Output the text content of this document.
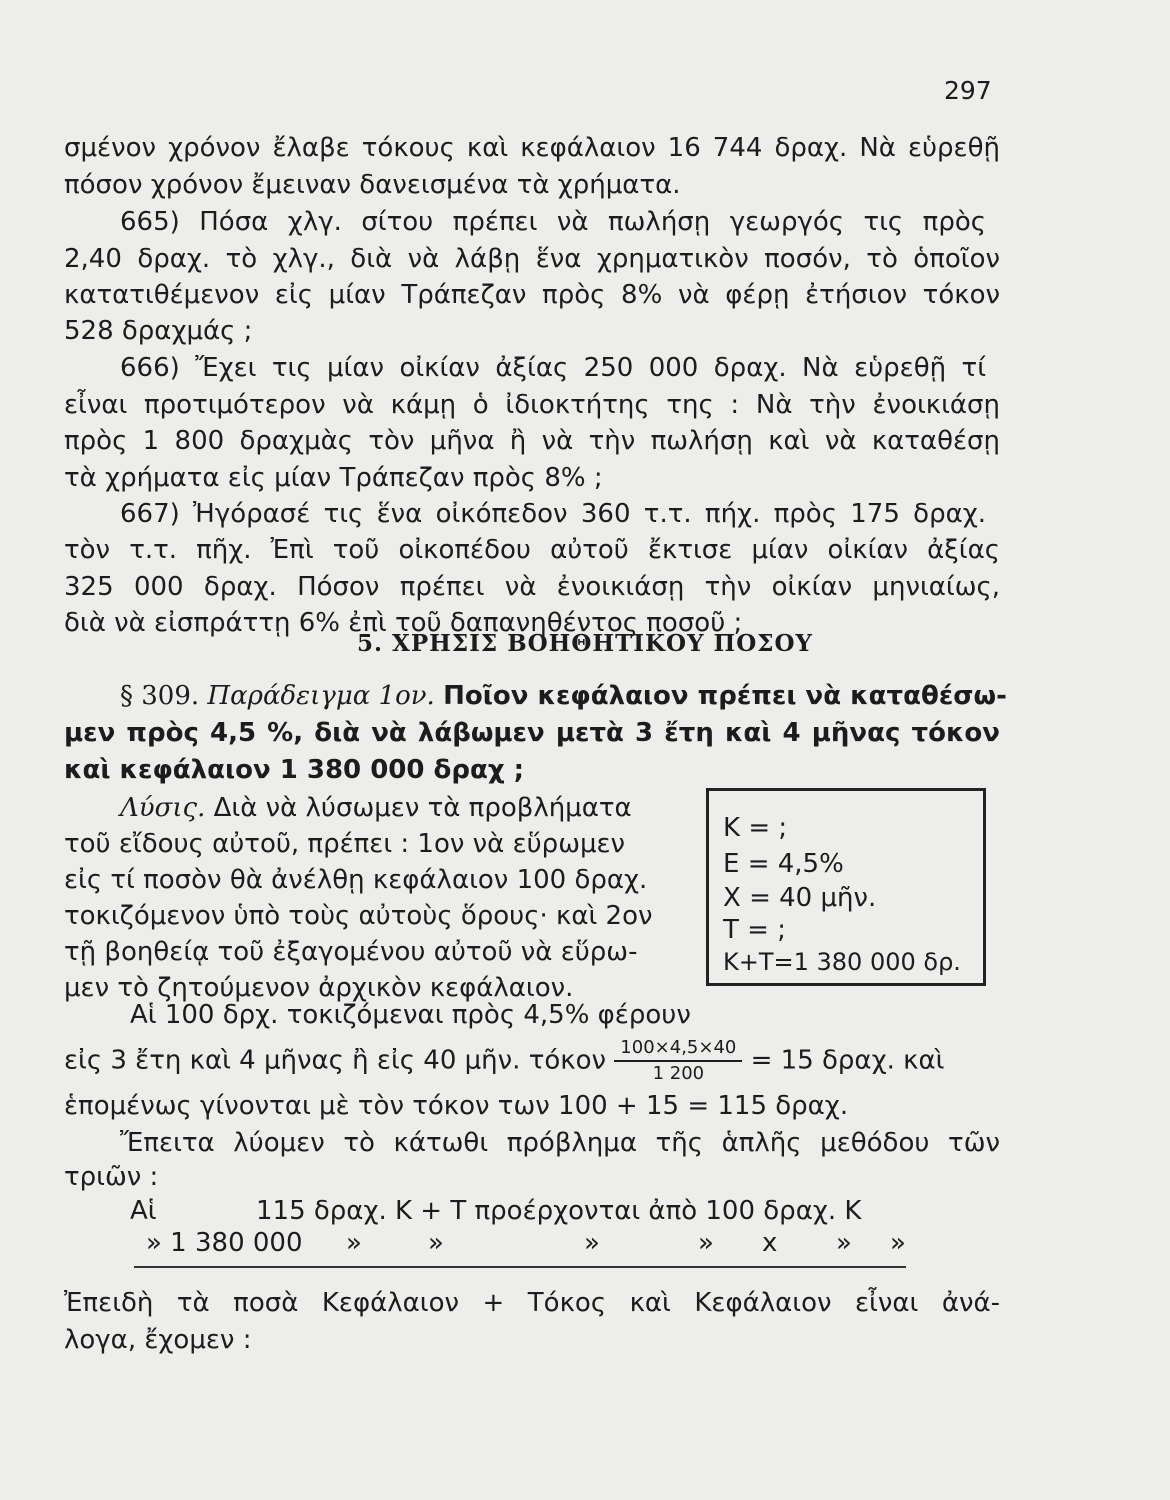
297
σμένον χρόνον ἔλαβε τόκους καὶ κεφάλαιον 16 744 δραχ. Νὰ εὑρεθῇ
πόσον χρόνον ἔμειναν δανεισμένα τὰ χρήματα.
665) Πόσα χλγ. σίτου πρέπει νὰ πωλήσῃ γεωργός τις πρὸς
2,40 δραχ. τὸ χλγ., διὰ νὰ λάβῃ ἕνα χρηματικὸν ποσόν, τὸ ὁποῖον
κατατιθέμενον εἰς μίαν Τράπεζαν πρὸς 8% νὰ φέρῃ ἐτήσιον τόκον
528 δραχμάς ;
666) Ἔχει τις μίαν οἰκίαν ἀξίας 250 000 δραχ. Νὰ εὑρεθῇ τί
εἶναι προτιμότερον νὰ κάμῃ ὁ ἰδιοκτήτης της : Νὰ τὴν ἐνοικιάσῃ
πρὸς 1 800 δραχμὰς τὸν μῆνα ἢ νὰ τὴν πωλήσῃ καὶ νὰ καταθέσῃ
τὰ χρήματα εἰς μίαν Τράπεζαν πρὸς 8% ;
667) Ἠγόρασέ τις ἕνα οἰκόπεδον 360 τ.τ. πήχ. πρὸς 175 δραχ.
τὸν τ.τ. πῆχ. Ἐπὶ τοῦ οἰκοπέδου αὐτοῦ ἔκτισε μίαν οἰκίαν ἀξίας
325 000 δραχ. Πόσον πρέπει νὰ ἐνοικιάσῃ τὴν οἰκίαν μηνιαίως,
διὰ νὰ εἰσπράττῃ 6% ἐπὶ τοῦ δαπανηθέντος ποσοῦ ;
5. ΧΡΗΣΙΣ ΒΟΗΘΗΤΙΚΟΥ ΠΟΣΟΥ
§ 309. Παράδειγμα 1ον. Ποῖον κεφάλαιον πρέπει νὰ καταθέσω-
μεν πρὸς 4,5 %, διὰ νὰ λάβωμεν μετὰ 3 ἔτη καὶ 4 μῆνας τόκον
καὶ κεφάλαιον 1 380 000 δραχ ;
Λύσις. Διὰ νὰ λύσωμεν τὰ προβλήματα
τοῦ εἴδους αὐτοῦ, πρέπει : 1ον νὰ εὕρωμεν
εἰς τί ποσὸν θὰ ἀνέλθῃ κεφάλαιον 100 δραχ.
τοκιζόμενον ὑπὸ τοὺς αὐτοὺς ὅρους· καὶ 2ον
τῇ βοηθείᾳ τοῦ ἐξαγομένου αὐτοῦ νὰ εὕρω-
μεν τὸ ζητούμενον ἀρχικὸν κεφάλαιον.
K = ;
E = 4,5%
X = 40 μῆν.
T = ;
K+T=1 380 000 δρ.
Αἱ 100 δρχ. τοκιζόμεναι πρὸς 4,5% φέρουν
εἰς 3 ἔτη καὶ 4 μῆνας ἢ εἰς 40 μῆν. τόκον $\frac{100\times 4,5\times 40}{1 200} = 15$ δραχ. καὶ
ἑπομένως γίνονται μὲ τὸν τόκον των 100 + 15 = 115 δραχ.
Ἔπειτα λύομεν τὸ κάτωθι πρόβλημα τῆς ἁπλῆς μεθόδου τῶν
τριῶν :
Αἱ	115 δραχ. K + T προέρχονται ἀπὸ 100 δραχ. K
» 1 380 000 »	»	»	» x » »
Ἐπειδὴ τὰ ποσὰ Κεφάλαιον + Τόκος καὶ Κεφάλαιον εἶναι ἀνά-
λογα, ἔχομεν :
